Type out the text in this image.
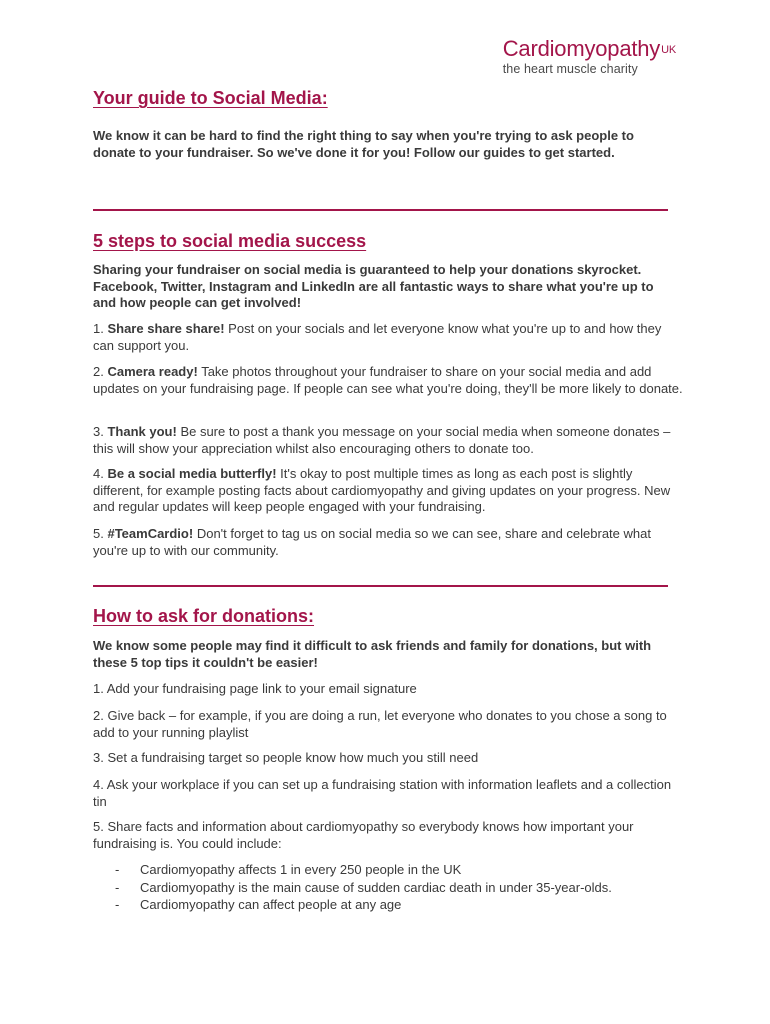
Cardiomyopathy$^{UK}$
the heart muscle charity
Your guide to Social Media:

We know it can be hard to find the right thing to say when you're trying to ask people to donate to your fundraiser. So we've done it for you! Follow our guides to get started.

5 steps to social media success

Sharing your fundraiser on social media is guaranteed to help your donations skyrocket. Facebook, Twitter, Instagram and LinkedIn are all fantastic ways to share what you're up to and how people can get involved!

1. Share share share! Post on your socials and let everyone know what you're up to and how they can support you.

2. Camera ready! Take photos throughout your fundraiser to share on your social media and add updates on your fundraising page. If people can see what you're doing, they'll be more likely to donate.

3. Thank you! Be sure to post a thank you message on your social media when someone donates – this will show your appreciation whilst also encouraging others to donate too.

4. Be a social media butterfly! It's okay to post multiple times as long as each post is slightly different, for example posting facts about cardiomyopathy and giving updates on your progress. New and regular updates will keep people engaged with your fundraising.

5. #TeamCardio! Don't forget to tag us on social media so we can see, share and celebrate what you're up to with our community.

How to ask for donations:

We know some people may find it difficult to ask friends and family for donations, but with these 5 top tips it couldn't be easier!

1. Add your fundraising page link to your email signature

2. Give back – for example, if you are doing a run, let everyone who donates to you chose a song to add to your running playlist

3. Set a fundraising target so people know how much you still need

4. Ask your workplace if you can set up a fundraising station with information leaflets and a collection tin

5. Share facts and information about cardiomyopathy so everybody knows how important your fundraising is. You could include:

- Cardiomyopathy affects 1 in every 250 people in the UK
- Cardiomyopathy is the main cause of sudden cardiac death in under 35-year-olds.
- Cardiomyopathy can affect people at any age
